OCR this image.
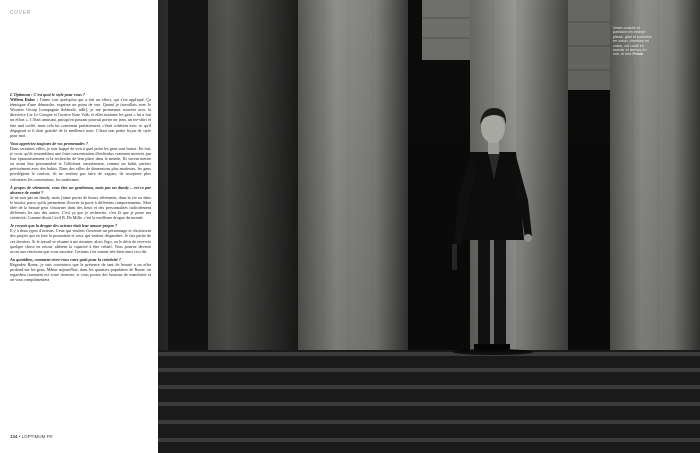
COVER

L'Optimum : C'est quoi le style pour vous ?
Willem Dafoe : J'aime voir quelqu'un qui a fait un effort, qui s'est appliqué. Ça témoigne d'une démarche, exprime un point de vue. Quand je travaillais avec le Wooster Group [compagnie théâtrale, ndlr], je me promenais souvent avec la directrice Liz Le Compte et l'actrice Kate Valk, et elles notaient les gens « lui a fait un effort ». C'était amusant, puisqu'en passant pouvait porter un jean, un tee-shirt et être mal coiffé, mais cela lui convenait parfaitement, c'était cohérent avec ce qu'il dégageait et il était gratifié de la meilleure note. C'était une petite leçon de style pour moi.

Vous appréciez toujours de vos promenades ?
Dans certaines villes, je suis frappé de voir à quel point les gens sont beaux. En fait, je crois qu'ils ressemblent une forte concentration d'individus vraiment motivés par leur épanouissement et la recherche de leur place dans le monde. Ils savent mettre en avant leur personnalité et l'affichent ouvertement, comme un habit, parfois précisément avec des habits. Dans des villes de dimensions plus modestes, les gens privilégient le confort, ils ne veulent pas faire de vagues, ils acceptent plus volontiers les conventions, les uniformes.

À propos de vêtements, vous êtes un gentleman, mais pas un dandy… est-ce par absence de vanité ?
Je ne suis pas un dandy, mais j'aime porter de beaux vêtements, dans la vie ou dans le boulot, parce qu'ils permettent d'ouvrir la porte à différents comportements. Mon idée de la beauté peut s'incarner dans des lieux et des personnalités radicalement différents les uns des autres. C'est ça que je recherche, c'est là que je puise ma créativité. Comme disait Cecil B. De Mille, c'est la meilleure drogue du monde.

Je croyais que la drogue des acteurs était leur amour-propre ?
Il y a deux types d'acteurs. Ceux qui veulent s'inventer un personnage et choisissent des projets qui en font la promotion et ceux qui veulent disparaître. Je fais partie de ces derniers. Si le travail se résume à me montrer, alors l'ego, ou le désir de recevoir quelque chose en retour, altèrent la capacité à être créatif. Vous pouvez devenir accro aux réactions que vous suscitez. Certains s'en sortent très bien ainsi ceci dit.

Au quotidien, comment vivez-vous votre goût pour la créativité ?
Regardez Rome, je suis convaincu que la présence de tant de beauté a un effet profond sur les gens. Même aujourd'hui, dans les quartiers populaires de Rome, on regardera comment est votre chemise, si vous portez des boutons de manchette et on vous complimentera

134 • LOPTIMUM.FR
Veste croisée et pantalon en mohair plissé, gilet et pochette en coton, chemise en coton, col roulé en mohair et derbys en cuir, le tout Prada
